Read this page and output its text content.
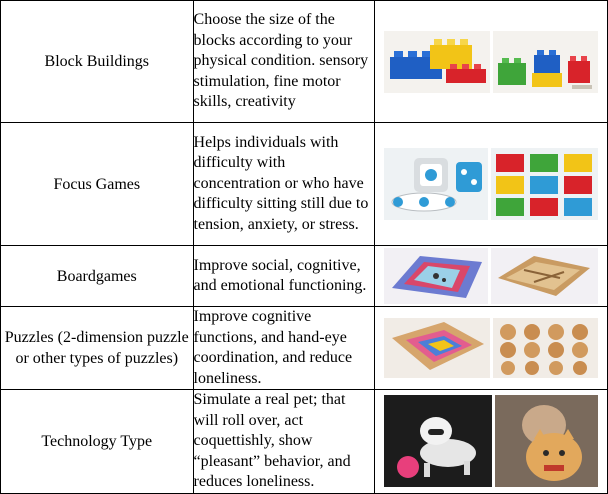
Block Buildings	Choose the size of the blocks according to your physical condition. sensory stimulation, fine motor skills, creativity	

Focus Games	Helps individuals with difficulty with concentration or who have difficulty sitting still due to tension, anxiety, or stress.	

Boardgames	Improve social, cognitive, and emotional functioning.	

Puzzles (2-dimension puzzle or other types of puzzles)	Improve cognitive functions, and hand-eye coordination, and reduce loneliness.	

Technology Type	Simulate a real pet; that will roll over, act coquettishly, show “pleasant” behavior, and reduces loneliness.	
